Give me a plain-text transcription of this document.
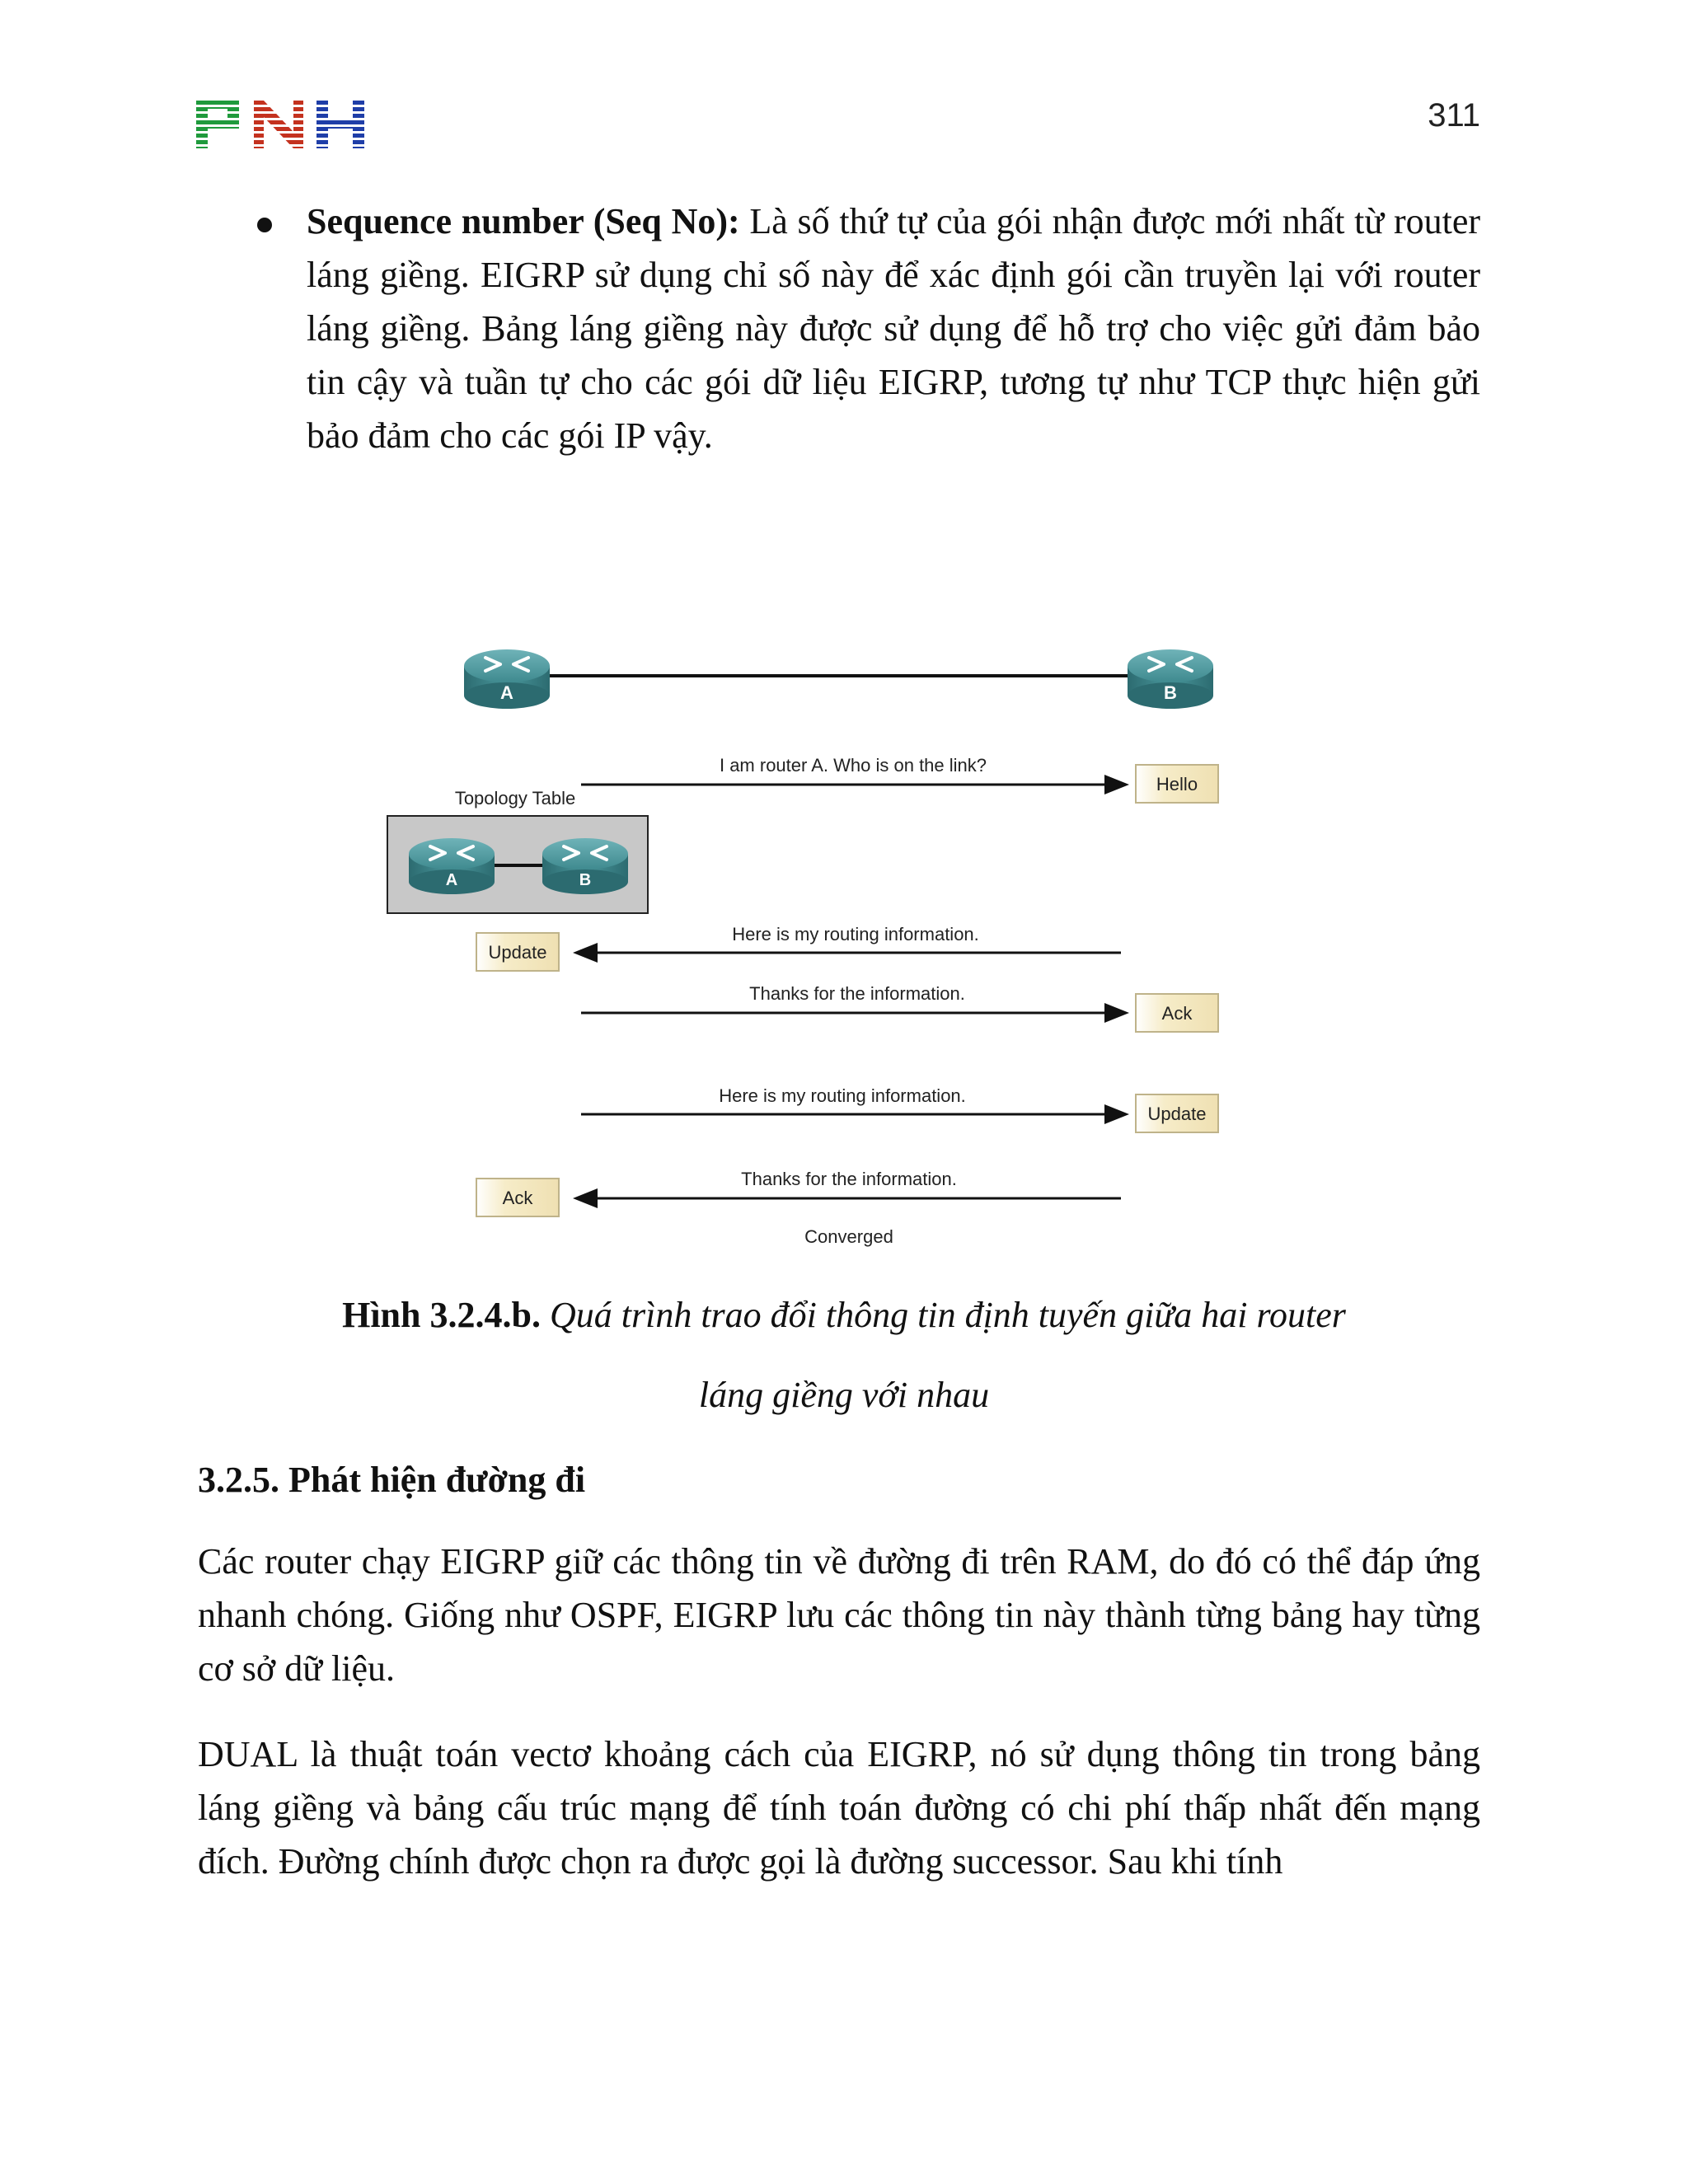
311

Sequence number (Seq No): Là số thứ tự của gói nhận được mới nhất từ router láng giềng. EIGRP sử dụng chỉ số này để xác định gói cần truyền lại với router láng giềng. Bảng láng giềng này được sử dụng để hỗ trợ cho việc gửi đảm bảo tin cậy và tuần tự cho các gói dữ liệu EIGRP, tương tự như TCP thực hiện gửi bảo đảm cho các gói IP vậy.

A	B
Topology Table
A	B
I am router A. Who is on the link?
Hello
Here is my routing information.
Update
Thanks for the information.
Ack
Here is my routing information.
Update
Thanks for the information.
Ack
Converged
Hình 3.2.4.b. Quá trình trao đổi thông tin định tuyến giữa hai router
láng giềng với nhau
3.2.5. Phát hiện đường đi

Các router chạy EIGRP giữ các thông tin về đường đi trên RAM, do đó có thể đáp ứng nhanh chóng. Giống như OSPF, EIGRP lưu các thông tin này thành từng bảng hay từng cơ sở dữ liệu.

DUAL là thuật toán vectơ khoảng cách của EIGRP, nó sử dụng thông tin trong bảng láng giềng và bảng cấu trúc mạng để tính toán đường có chi phí thấp nhất đến mạng đích. Đường chính được chọn ra được gọi là đường successor. Sau khi tính
